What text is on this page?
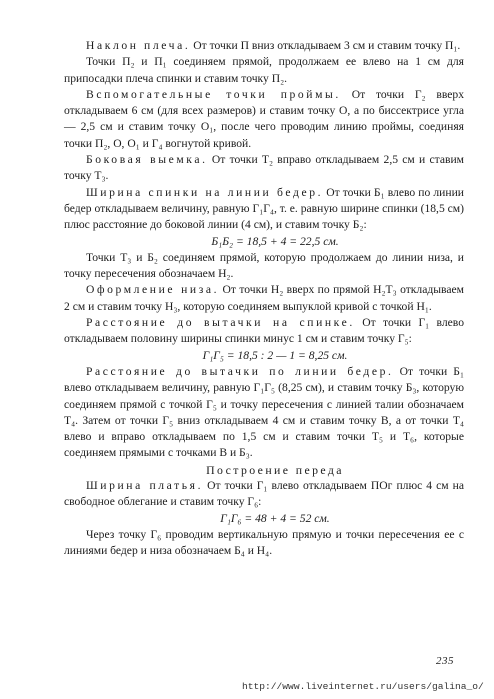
Наклон плеча. От точки П вниз откладываем 3 см и ставим точку П₁.

Точки П₂ и П₁ соединяем прямой, продолжаем ее влево на 1 см для припосадки плеча спинки и ставим точку П₂.

Вспомогательные точки проймы. От точки Г₂ вверх откладываем 6 см (для всех размеров) и ставим точку О, а по биссектрисе угла — 2,5 см и ставим точку О₁, после чего проводим линию проймы, соединяя точки П₂, О, О₁ и Г₄ вогнутой кривой.

Боковая выемка. От точки Т₂ вправо откладываем 2,5 см и ставим точку Т₃.

Ширина спинки на линии бедер. От точки Б₁ влево по линии бедер откладываем величину, равную Г₁Г₄, т. е. равную ширине спинки (18,5 см) плюс расстояние до боковой линии (4 см), и ставим точку Б₂:

Б₁Б₂ = 18,5 + 4 = 22,5 см.

Точки Т₃ и Б₂ соединяем прямой, которую продолжаем до линии низа, и точку пересечения обозначаем Н₂.

Оформление низа. От точки Н₂ вверх по прямой Н₂Т₃ откладываем 2 см и ставим точку Н₃, которую соединяем выпуклой кривой с точкой Н₁.

Расстояние до вытачки на спинке. От точки Г₁ влево откладываем половину ширины спинки минус 1 см и ставим точку Г₅:

Г₁Г₅ = 18,5 : 2 — 1 = 8,25 см.

Расстояние до вытачки по линии бедер. От точки Б₁ влево откладываем величину, равную Г₁Г₅ (8,25 см), и ставим точку Б₃, которую соединяем прямой с точкой Г₅ и точку пересечения с линией талии обозначаем Т₄. Затем от точки Г₅ вниз откладываем 4 см и ставим точку В, а от точки Т₄ влево и вправо откладываем по 1,5 см и ставим точки Т₅ и Т₆, которые соединяем прямыми с точками В и Б₃.

Построение переда

Ширина платья. От точки Г₁ влево откладываем ПОг плюс 4 см на свободное облегание и ставим точку Г₆:

Г₁Г₆ = 48 + 4 = 52 см.

Через точку Г₆ проводим вертикальную прямую и точки пересечения ее с линиями бедер и низа обозначаем Б₄ и Н₄.

235
http://www.liveinternet.ru/users/galina_o/
